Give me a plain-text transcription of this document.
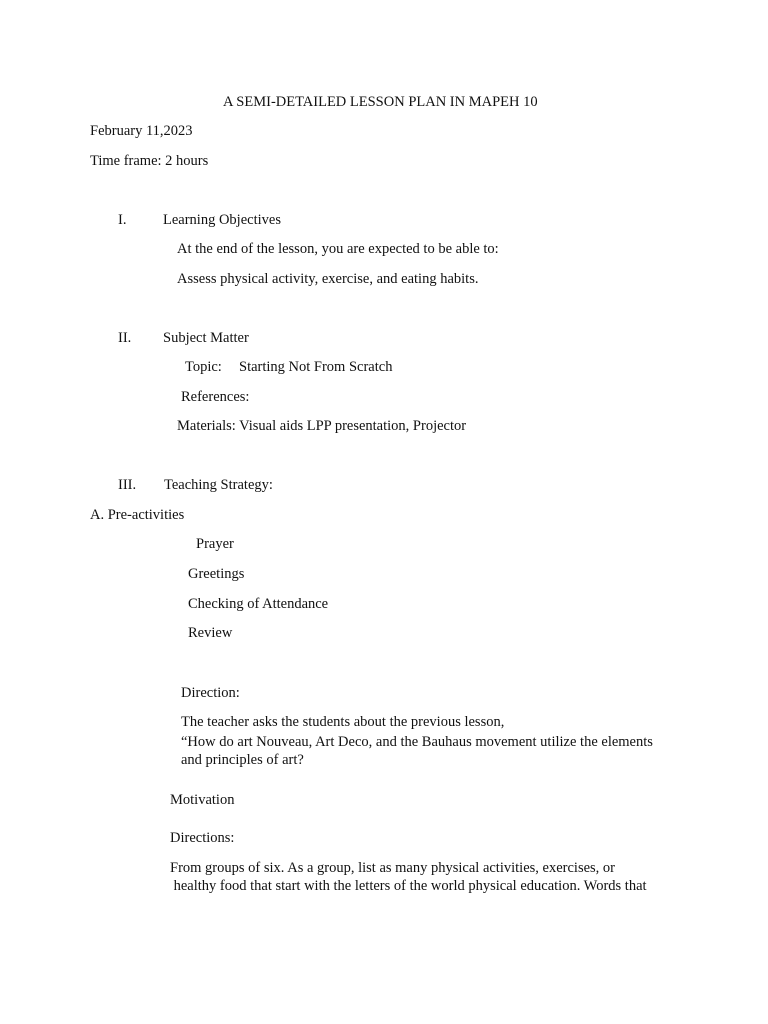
A SEMI-DETAILED LESSON PLAN IN MAPEH 10
February 11,2023
Time frame: 2 hours
I.	Learning Objectives
At the end of the lesson, you are expected to be able to:
Assess physical activity, exercise, and eating habits.
II. Subject Matter
Topic: Starting Not From Scratch
References:
Materials: Visual aids LPP presentation, Projector
III. Teaching Strategy:
A. Pre-activities
Prayer
Greetings
Checking of Attendance
Review
Direction:
The teacher asks the students about the previous lesson,
“How do art Nouveau, Art Deco, and the Bauhaus movement utilize the elements
and principles of art?
Motivation
Directions:
From groups of six. As a group, list as many physical activities, exercises, or
healthy food that start with the letters of the world physical education. Words that
